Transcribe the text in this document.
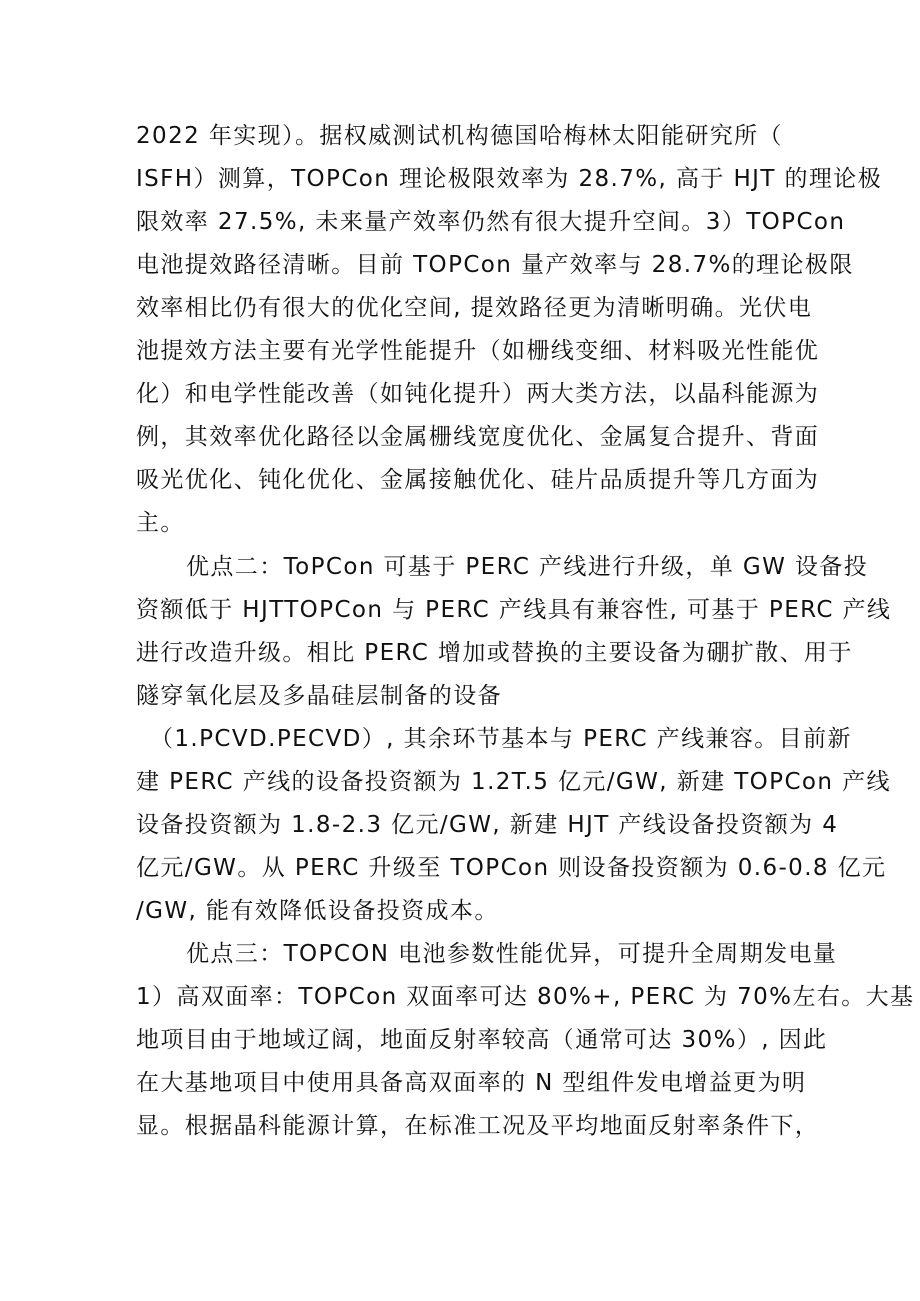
2022 年实现）。据权威测试机构德国哈梅林太阳能研究所（
ISFH）测算，TOPCon 理论极限效率为 28.7%, 高于 HJT 的理论极
限效率 27.5%, 未来量产效率仍然有很大提升空间。3）TOPCon
电池提效路径清晰。目前 TOPCon 量产效率与 28.7%的理论极限
效率相比仍有很大的优化空间, 提效路径更为清晰明确。光伏电
池提效方法主要有光学性能提升（如栅线变细、材料吸光性能优
化）和电学性能改善（如钝化提升）两大类方法，以晶科能源为
例，其效率优化路径以金属栅线宽度优化、金属复合提升、背面
吸光优化、钝化优化、金属接触优化、硅片品质提升等几方面为
主。
优点二：ToPCon 可基于 PERC 产线进行升级，单 GW 设备投
资额低于 HJTTOPCon 与 PERC 产线具有兼容性, 可基于 PERC 产线
进行改造升级。相比 PERC 增加或替换的主要设备为硼扩散、用于
隧穿氧化层及多晶硅层制备的设备
（1.PCVD.PECVD）, 其余环节基本与 PERC 产线兼容。目前新
建 PERC 产线的设备投资额为 1.2T.5 亿元/GW, 新建 TOPCon 产线
设备投资额为 1.8-2.3 亿元/GW, 新建 HJT 产线设备投资额为 4
亿元/GW。从 PERC 升级至 TOPCon 则设备投资额为 0.6-0.8 亿元
/GW, 能有效降低设备投资成本。
优点三：TOPCON 电池参数性能优异，可提升全周期发电量
1）高双面率：TOPCon 双面率可达 80%+, PERC 为 70%左右。大基
地项目由于地域辽阔，地面反射率较高（通常可达 30%）, 因此
在大基地项目中使用具备高双面率的 N 型组件发电增益更为明
显。根据晶科能源计算，在标准工况及平均地面反射率条件下，
